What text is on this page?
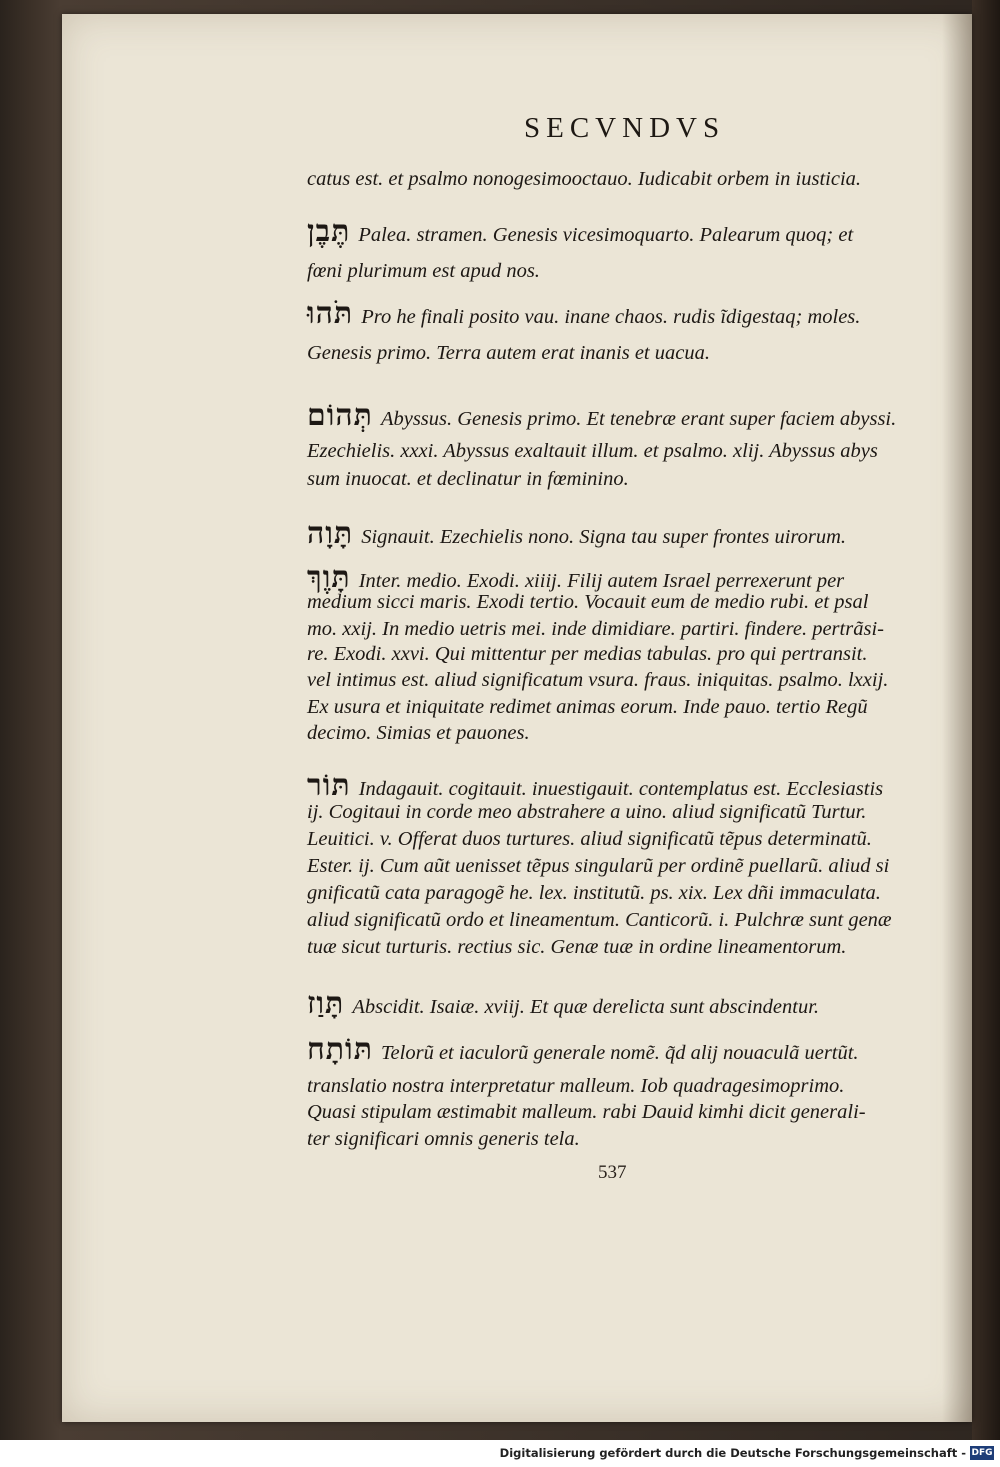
SECVNDVS
catus est. et psalmo nonogesimooctauo. Iudicabit orbem in iusticia.
תֶּבֶן Palea. stramen. Genesis vicesimoquarto. Palearum quoq; et
fœni plurimum est apud nos.
תֹּהוּ Pro he finali posito vau. inane chaos. rudis ĩdigestaq; moles.
Genesis primo. Terra autem erat inanis et uacua.
תְּהוֹם Abyssus. Genesis primo. Et tenebræ erant super faciem abyssi.
Ezechielis. xxxi. Abyssus exaltauit illum. et psalmo. xlij. Abyssus abys
sum inuocat. et declinatur in fœminino.
תָּוָה Signauit. Ezechielis nono. Signa tau super frontes uirorum.
תָּוֶךְ Inter. medio. Exodi. xiiij. Filij autem Israel perrexerunt per
medium sicci maris. Exodi tertio. Vocauit eum de medio rubi. et psal
mo. xxij. In medio uetris mei. inde dimidiare. partiri. findere. pertrãsi-
re. Exodi. xxvi. Qui mittentur per medias tabulas. pro qui pertransit.
vel intimus est. aliud significatum vsura. fraus. iniquitas. psalmo. lxxij.
Ex usura et iniquitate redimet animas eorum. Inde pauo. tertio Regũ
decimo. Simias et pauones.
תּוֹר Indagauit. cogitauit. inuestigauit. contemplatus est. Ecclesiastis
ij. Cogitaui in corde meo abstrahere a uino. aliud significatũ Turtur.
Leuitici. v. Offerat duos turtures. aliud significatũ tẽpus determinatũ.
Ester. ij. Cum aũt uenisset tẽpus singularũ per ordinẽ puellarũ. aliud si
gnificatũ cata paragogẽ he. lex. institutũ. ps. xix. Lex dñi immaculata.
aliud significatũ ordo et lineamentum. Canticorũ. i. Pulchræ sunt genæ
tuæ sicut turturis. rectius sic. Genæ tuæ in ordine lineamentorum.
תָּוַז Abscidit. Isaiæ. xviij. Et quæ derelicta sunt abscindentur.
תּוֹתָח Telorũ et iaculorũ generale nomẽ. q̃d alij nouaculã uertũt.
translatio nostra interpretatur malleum. Iob quadragesimoprimo.
Quasi stipulam æstimabit malleum. rabi Dauid kimhi dicit generali-
ter significari omnis generis tela.
537
Digitalisierung gefördert durch die Deutsche Forschungsgemeinschaft - DFG
